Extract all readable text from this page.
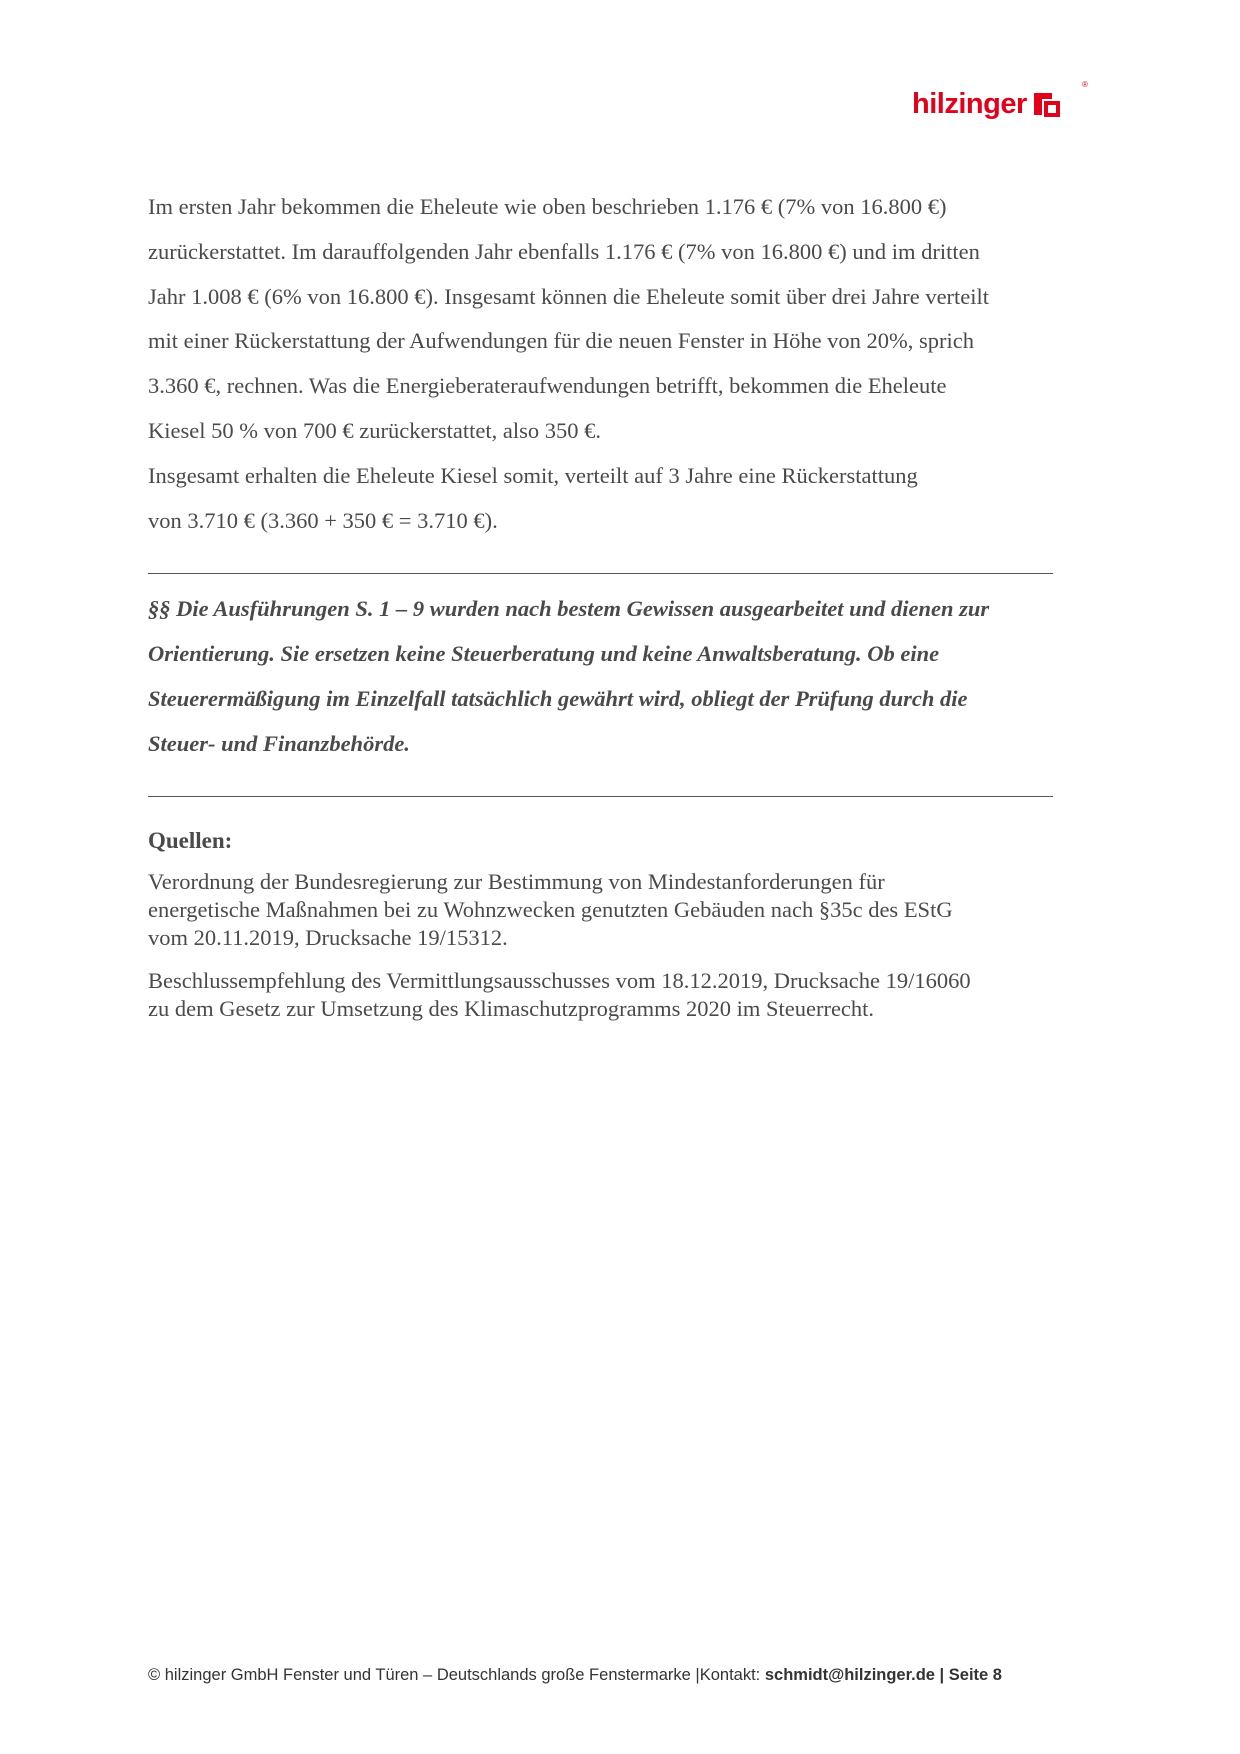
hilzinger
®

Im ersten Jahr bekommen die Eheleute wie oben beschrieben 1.176 € (7% von 16.800 €)
zurückerstattet. Im darauffolgenden Jahr ebenfalls 1.176 € (7% von 16.800 €) und im dritten
Jahr 1.008 € (6% von 16.800 €). Insgesamt können die Eheleute somit über drei Jahre verteilt
mit einer Rückerstattung der Aufwendungen für die neuen Fenster in Höhe von 20%, sprich
3.360 €, rechnen. Was die Energieberateraufwendungen betrifft, bekommen die Eheleute
Kiesel 50 % von 700 € zurückerstattet, also 350 €.
Insgesamt erhalten die Eheleute Kiesel somit, verteilt auf 3 Jahre eine Rückerstattung
von 3.710 € (3.360 + 350 € = 3.710 €).

§§ Die Ausführungen S. 1 – 9 wurden nach bestem Gewissen ausgearbeitet und dienen zur
Orientierung. Sie ersetzen keine Steuerberatung und keine Anwaltsberatung. Ob eine
Steuerermäßigung im Einzelfall tatsächlich gewährt wird, obliegt der Prüfung durch die
Steuer- und Finanzbehörde.
Quellen:
Verordnung der Bundesregierung zur Bestimmung von Mindestanforderungen für
energetische Maßnahmen bei zu Wohnzwecken genutzten Gebäuden nach §35c des EStG
vom 20.11.2019, Drucksache 19/15312.
Beschlussempfehlung des Vermittlungsausschusses vom 18.12.2019, Drucksache 19/16060
zu dem Gesetz zur Umsetzung des Klimaschutzprogramms 2020 im Steuerrecht.
© hilzinger GmbH Fenster und Türen – Deutschlands große Fenstermarke |Kontakt: schmidt@hilzinger.de | Seite 8
